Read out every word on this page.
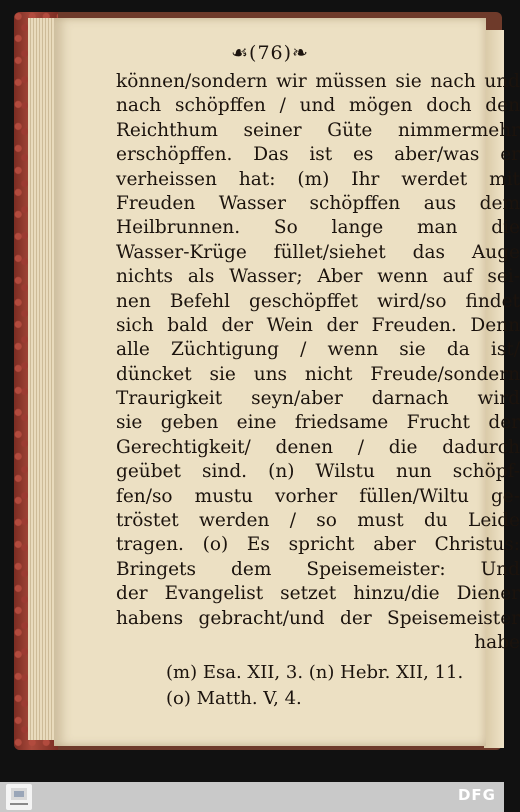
☙(76)❧
können/sondern wir müssen sie nach und
nach schöpffen / und mögen doch den
Reichthum seiner Güte nimmermehr
erschöpffen. Das ist es aber/was er
verheissen hat: (m) Ihr werdet mit
Freuden Wasser schöpffen aus dem
Heilbrunnen. So lange man die
Wasser-Krüge füllet/siehet das Auge
nichts als Wasser; Aber wenn auf sei-
nen Befehl geschöpffet wird/so findet
sich bald der Wein der Freuden. Denn
alle Züchtigung / wenn sie da ist/
düncket sie uns nicht Freude/sondern
Traurigkeit seyn/aber darnach wird
sie geben eine friedsame Frucht der
Gerechtigkeit/ denen / die dadurch
geübet sind. (n) Wilstu nun schöpf-
fen/so mustu vorher füllen/Wiltu ge-
tröstet werden / so must du Leide
tragen. (o) Es spricht aber Christus:
Bringets dem Speisemeister: Und
der Evangelist setzet hinzu/die Diener
habens gebracht/und der Speisemeister
habe
(m) Esa. XII, 3. (n) Hebr. XII, 11.
(o) Matth. V, 4.
DFG
